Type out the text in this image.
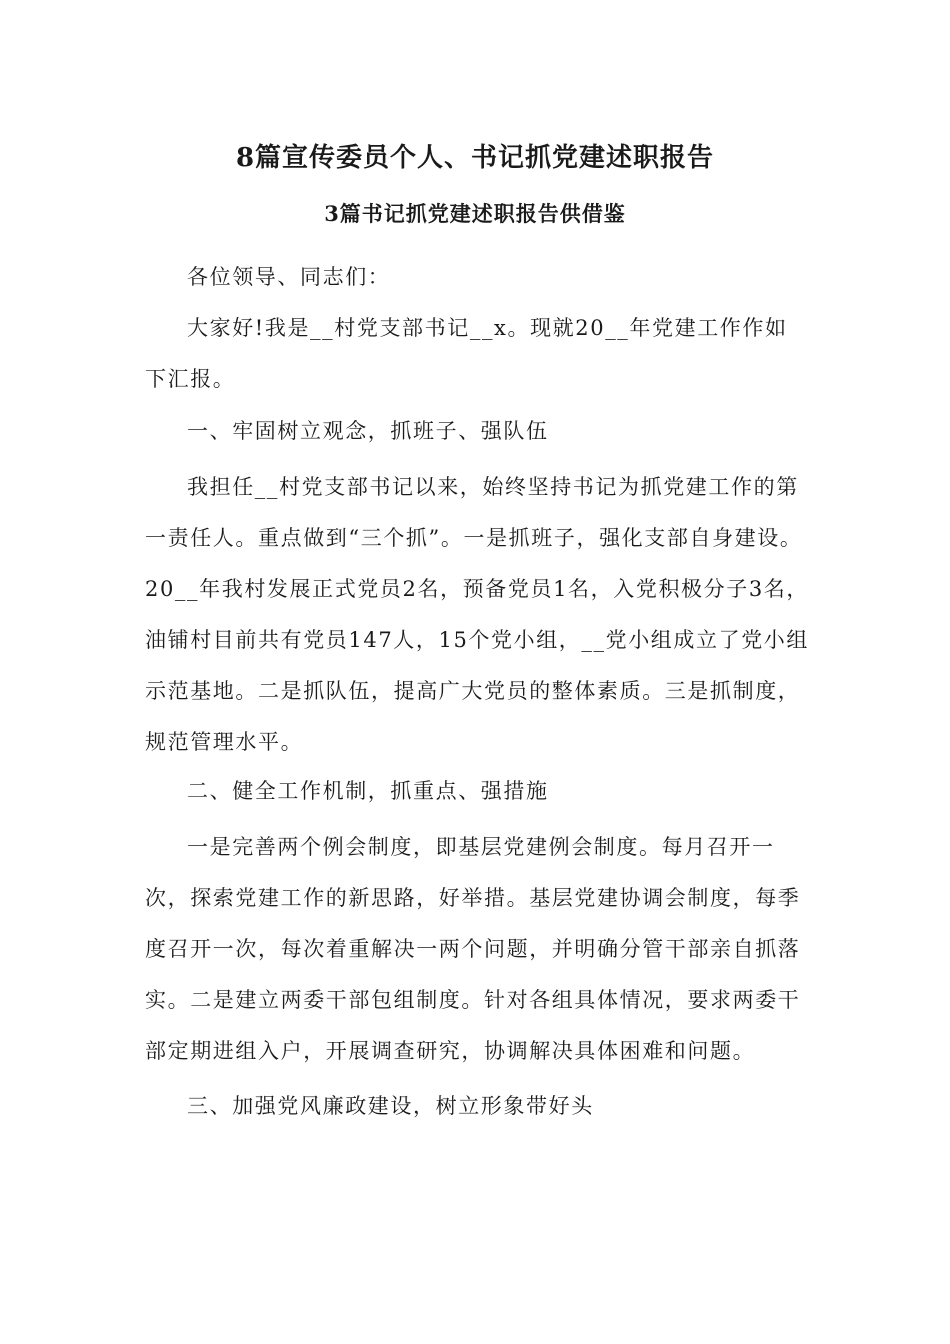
8篇宣传委员个人、书记抓党建述职报告
3篇书记抓党建述职报告供借鉴

各位领导、同志们：

大家好!我是__村党支部书记__x。现就20__年党建工作作如下汇报。

一、牢固树立观念，抓班子、强队伍

我担任__村党支部书记以来，始终坚持书记为抓党建工作的第一责任人。重点做到“三个抓”。一是抓班子，强化支部自身建设。20__年我村发展正式党员2名，预备党员1名，入党积极分子3名，油铺村目前共有党员147人，15个党小组，__党小组成立了党小组示范基地。二是抓队伍，提高广大党员的整体素质。三是抓制度，规范管理水平。

二、健全工作机制，抓重点、强措施

一是完善两个例会制度，即基层党建例会制度。每月召开一次，探索党建工作的新思路，好举措。基层党建协调会制度，每季度召开一次，每次着重解决一两个问题，并明确分管干部亲自抓落实。二是建立两委干部包组制度。针对各组具体情况，要求两委干部定期进组入户，开展调查研究，协调解决具体困难和问题。

三、加强党风廉政建设，树立形象带好头
